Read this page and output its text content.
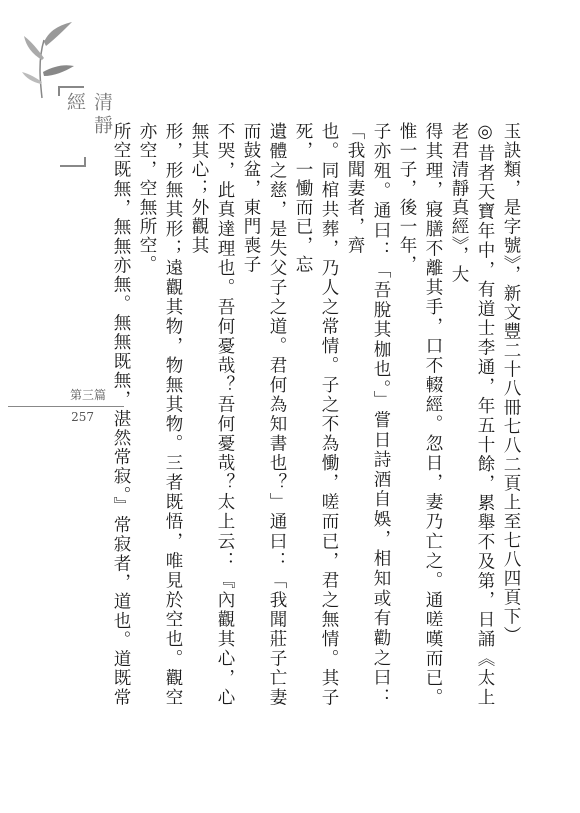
清靜經
第三篇
257	玉訣類，是字號》，新文豐二十八冊七八二頁上至七八四頁下）

◎昔者天寶年中，有道士李通，年五十餘，累舉不及第，日誦《太上老君清靜真經》，大

得其理，寢膳不離其手，口不輟經。忽日，妻乃亡之。通嗟嘆而已。惟一子，後一年，

子亦殂。通曰：「吾脫其枷也。」嘗日詩酒自娛，相知或有勸之曰：「我聞妻者，齊

也。同棺共葬，乃人之常情。子之不為慟，嗟而已，君之無情。其子死，一慟而已，忘

遺體之慈，是失父子之道。君何為知書也？」通曰：「我聞莊子亡妻而鼓盆，東門喪子

不哭，此真達理也。吾何憂哉？吾何憂哉？太上云：『內觀其心，心無其心；外觀其

形，形無其形；遠觀其物，物無其物。三者既悟，唯見於空也。觀空亦空，空無所空。

所空既無，無無亦無。無無既無，湛然常寂。』常寂者，道也。道既常
